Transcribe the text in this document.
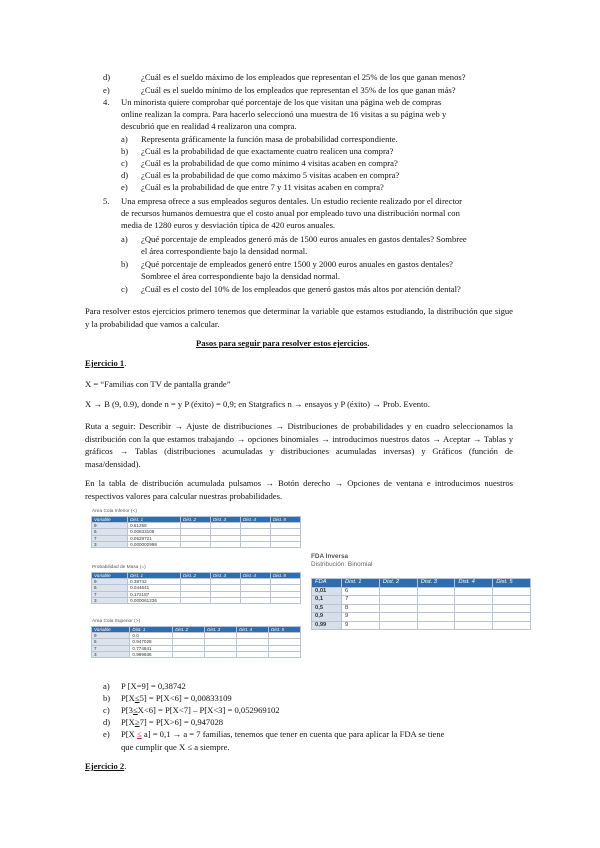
d)	¿Cuál es el sueldo máximo de los empleados que representan el 25% de los que ganan menos?
e)	¿Cuál es el sueldo mínimo de los empleados que representan el 35% de los que ganan más?
4. Un minorista quiere comprobar qué porcentaje de los que visitan una página web de compras
online realizan la compra. Para hacerlo seleccionó una muestra de 16 visitas a su página web y
descubrió que en realidad 4 realizaron una compra.
a) Representa gráficamente la función masa de probabilidad correspondiente.
b) ¿Cuál es la probabilidad de que exactamente cuatro realicen una compra?
c) ¿Cuál es la probabilidad de que como mínimo 4 visitas acaben en compra?
d) ¿Cuál es la probabilidad de que como máximo 5 visitas acaben en compra?
e) ¿Cuál es la probabilidad de que entre 7 y 11 visitas acaben en compra?
5. Una empresa ofrece a sus empleados seguros dentales. Un estudio reciente realizado por el director
de recursos humanos demuestra que el costo anual por empleado tuvo una distribución normal con
media de 1280 euros y desviación típica de 420 euros anuales.
a) ¿Qué porcentaje de empleados generó más de 1500 euros anuales en gastos dentales? Sombree
el área correspondiente bajo la densidad normal.
b) ¿Qué porcentaje de empleados generó entre 1500 y 2000 euros anuales en gastos dentales?
Sombree el área correspondiente bajo la densidad normal.
c) ¿Cuál es el costo del 10% de los empleados que generó gastos más altos por atención dental?
Para resolver estos ejercicios primero tenemos que determinar la variable que estamos estudiando, la distribución que sigue y la probabilidad que vamos a calcular.
Pasos para seguir para resolver estos ejercicios.
Ejercicio 1.
X = “Familias con TV de pantalla grande”
X → B (9, 0.9), donde n = y P (éxito) = 0,9; en Statgrafics n → ensayos y P (éxito) → Prob. Evento.
Ruta a seguir: Describir → Ajuste de distribuciones → Distribuciones de probabilidades y en cuadro seleccionamos la distribución con la que estamos trabajando → opciones binomiales → introducimos nuestros datos → Aceptar → Tablas y gráficos → Tablas (distribuciones acumuladas y distribuciones acumuladas inversas) y Gráficos (función de masa/densidad).
En la tabla de distribución acumulada pulsamos → Botón derecho → Opciones de ventana e introducimos nuestros respectivos valores para calcular nuestras probabilidades.
Área Cola Inferior (<)
Variable	Dist. 1	Dist. 2	Dist. 3	Dist. 4	Dist. 5
9	0.61258				
6	0.00833109				
7	0.0529721				
3	0.000002998				
Probabilidad de Masa (=)
Variable	Dist. 1	Dist. 2	Dist. 3	Dist. 4	Dist. 5
9	0.38742				
6	0.044641				
7	0.172187				
3	0.000061236				
Área Cola Superior (>)
Variable	Dist. 1	Dist. 2	Dist. 3	Dist. 4	Dist. 5
9	0.0				
6	0.947028				
7	0.774841				
3	0.999936				
FDA Inversa
Distribución: Binomial
FDA	Dist. 1	Dist. 2	Dist. 3	Dist. 4	Dist. 5
0,01	6				
0,1	7				
0,5	8				
0,9	9				
0,99	9				
a) P [X=9] = 0,38742
b) P[X≤5] = P[X<6] = 0,00833109
c) P[3≤X<6] = P[X<7] – P[X<3] = 0,052969102
d) P[X≥7] = P[X>6] = 0,947028
e) P[X ≤ a] = 0,1 → a = 7 familias, tenemos que tener en cuenta que para aplicar la FDA se tiene
que cumplir que X ≤ a siempre.
Ejercicio 2.
